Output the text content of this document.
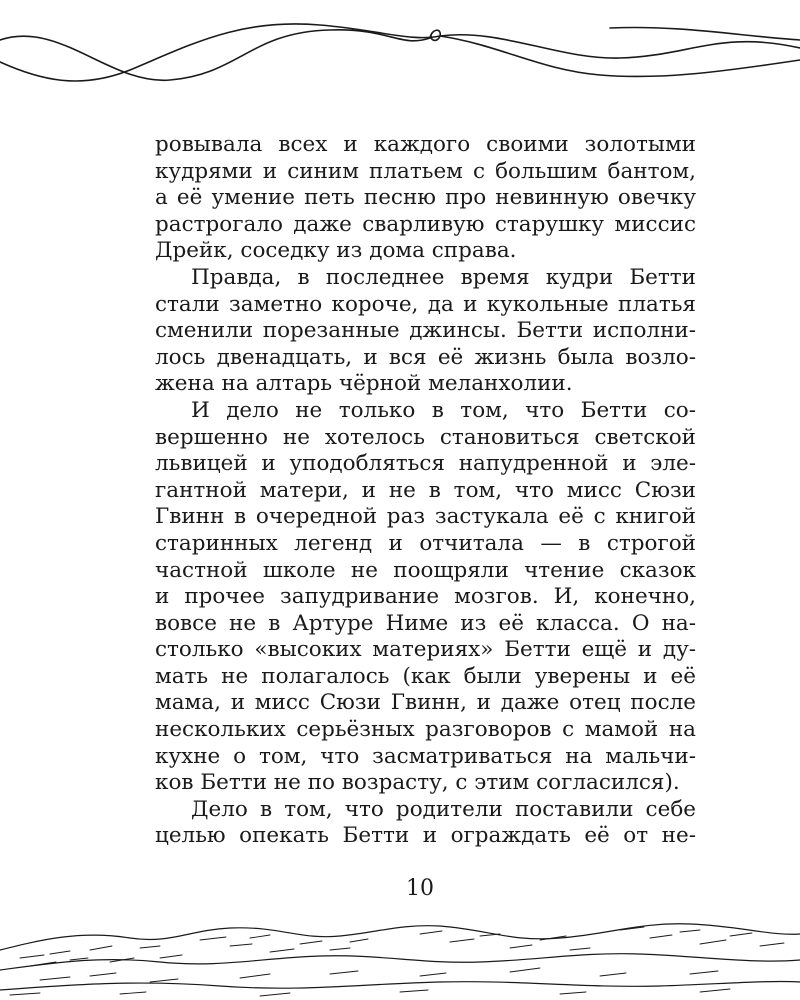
ровывала всех и каждого своими золотыми
кудрями и синим платьем с большим бантом,
а её умение петь песню про невинную овечку
растрогало даже сварливую старушку миссис
Дрейк, соседку из дома справа.
Правда, в последнее время кудри Бетти
стали заметно короче, да и кукольные платья
сменили порезанные джинсы. Бетти исполни-
лось двенадцать, и вся её жизнь была возло-
жена на алтарь чёрной меланхолии.
И дело не только в том, что Бетти со-
вершенно не хотелось становиться светской
львицей и уподобляться напудренной и эле-
гантной матери, и не в том, что мисс Сюзи
Гвинн в очередной раз застукала её с книгой
старинных легенд и отчитала — в строгой
частной школе не поощряли чтение сказок
и прочее запудривание мозгов. И, конечно,
вовсе не в Артуре Ниме из её класса. О на-
столько «высоких материях» Бетти ещё и ду-
мать не полагалось (как были уверены и её
мама, и мисс Сюзи Гвинн, и даже отец после
нескольких серьёзных разговоров с мамой на
кухне о том, что засматриваться на мальчи-
ков Бетти не по возрасту, с этим согласился).
Дело в том, что родители поставили себе
целью опекать Бетти и ограждать её от не-
10
